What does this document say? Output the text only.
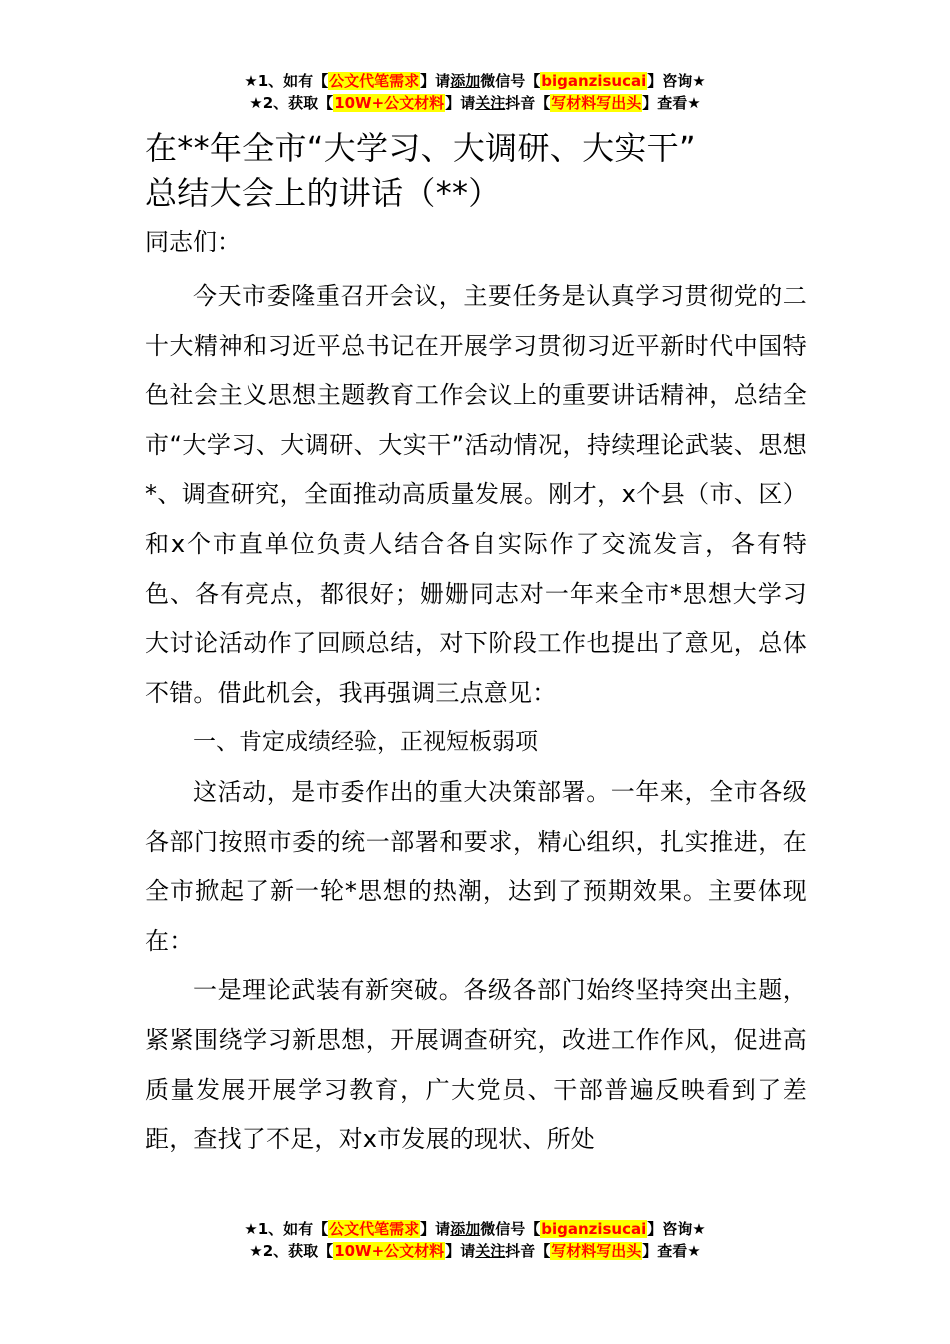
★1、如有【公文代笔需求】请添加微信号【biganzisucai】咨询★
★2、获取【10W+公文材料】请关注抖音【写材料写出头】查看★
在**年全市“大学习、大调研、大实干”
总结大会上的讲话（**）

同志们：

今天市委隆重召开会议，主要任务是认真学习贯彻党的二十大精神和习近平总书记在开展学习贯彻习近平新时代中国特色社会主义思想主题教育工作会议上的重要讲话精神，总结全市“大学习、大调研、大实干”活动情况，持续理论武装、思想*、调查研究，全面推动高质量发展。刚才，x个县（市、区）和x个市直单位负责人结合各自实际作了交流发言，各有特色、各有亮点，都很好；姗姗同志对一年来全市*思想大学习大讨论活动作了回顾总结，对下阶段工作也提出了意见，总体不错。借此机会，我再强调三点意见：

一、肯定成绩经验，正视短板弱项

这活动，是市委作出的重大决策部署。一年来，全市各级各部门按照市委的统一部署和要求，精心组织，扎实推进，在全市掀起了新一轮*思想的热潮，达到了预期效果。主要体现在：

一是理论武装有新突破。各级各部门始终坚持突出主题，紧紧围绕学习新思想，开展调查研究，改进工作作风，促进高质量发展开展学习教育，广大党员、干部普遍反映看到了差距，查找了不足，对x市发展的现状、所处

★1、如有【公文代笔需求】请添加微信号【biganzisucai】咨询★
★2、获取【10W+公文材料】请关注抖音【写材料写出头】查看★
